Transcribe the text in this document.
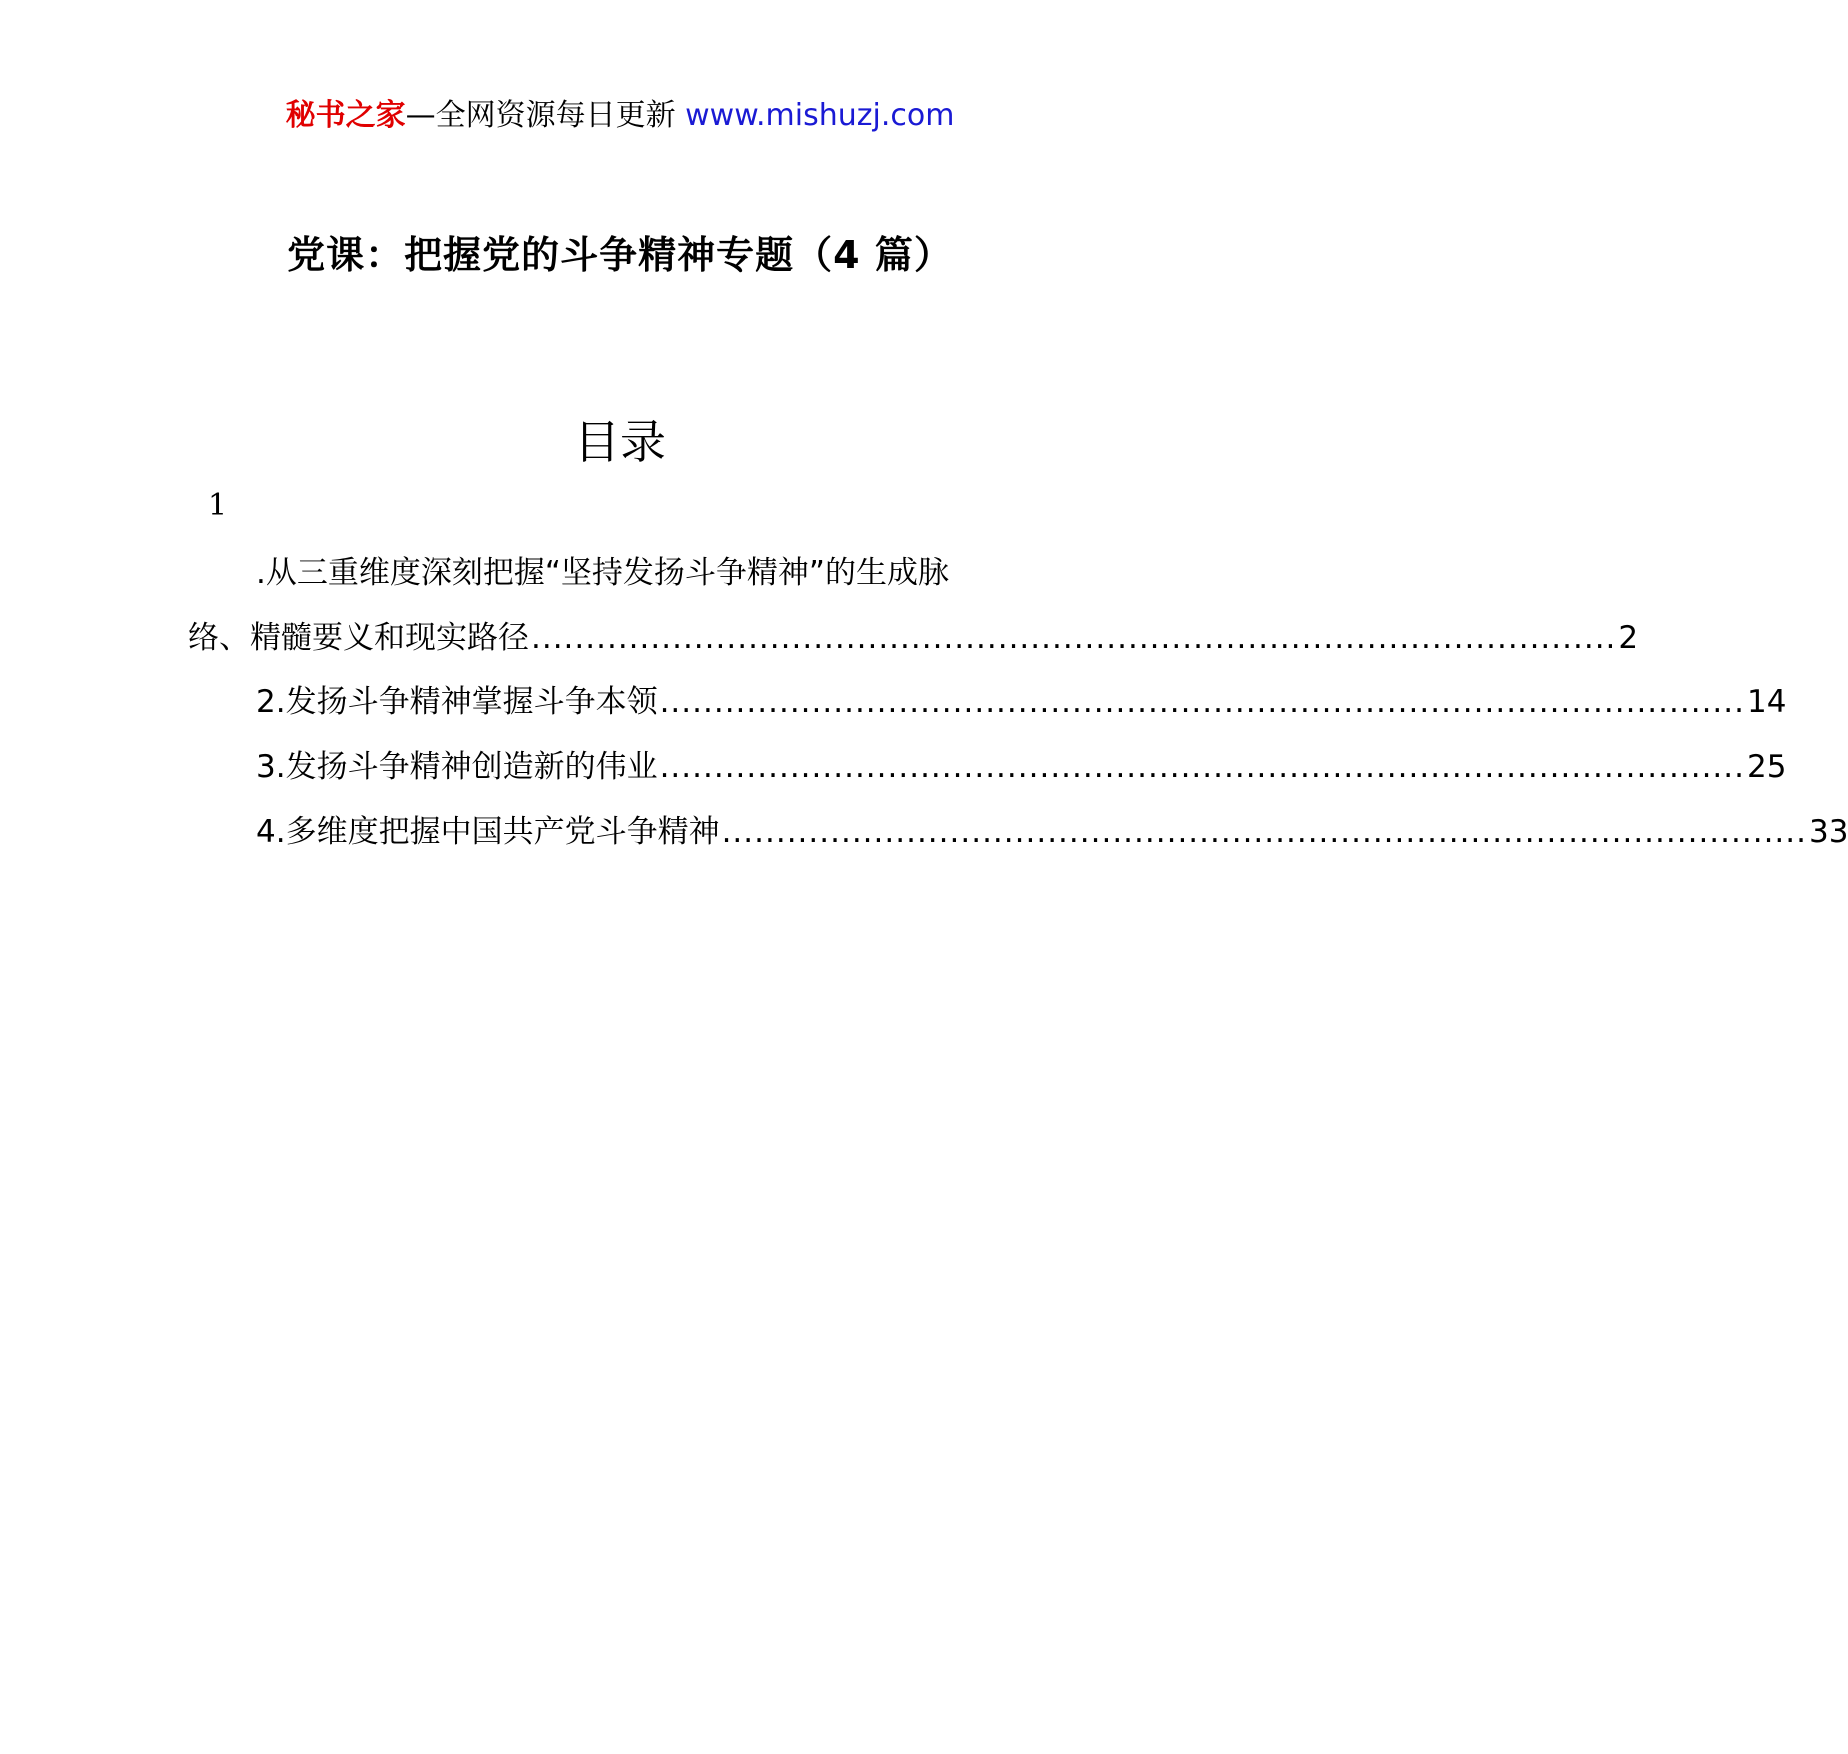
秘书之家—全网资源每日更新 www.mishuzj.com
党课：把握党的斗争精神专题（4 篇）
目录
1
.从三重维度深刻把握“坚持发扬斗争精神”的生成脉
络、精髓要义和现实路径 .................................................................................................... 2
2.发扬斗争精神掌握斗争本领 .................................................................................................... 14
3.发扬斗争精神创造新的伟业 .................................................................................................... 25
4.多维度把握中国共产党斗争精神 .................................................................................................... 33
